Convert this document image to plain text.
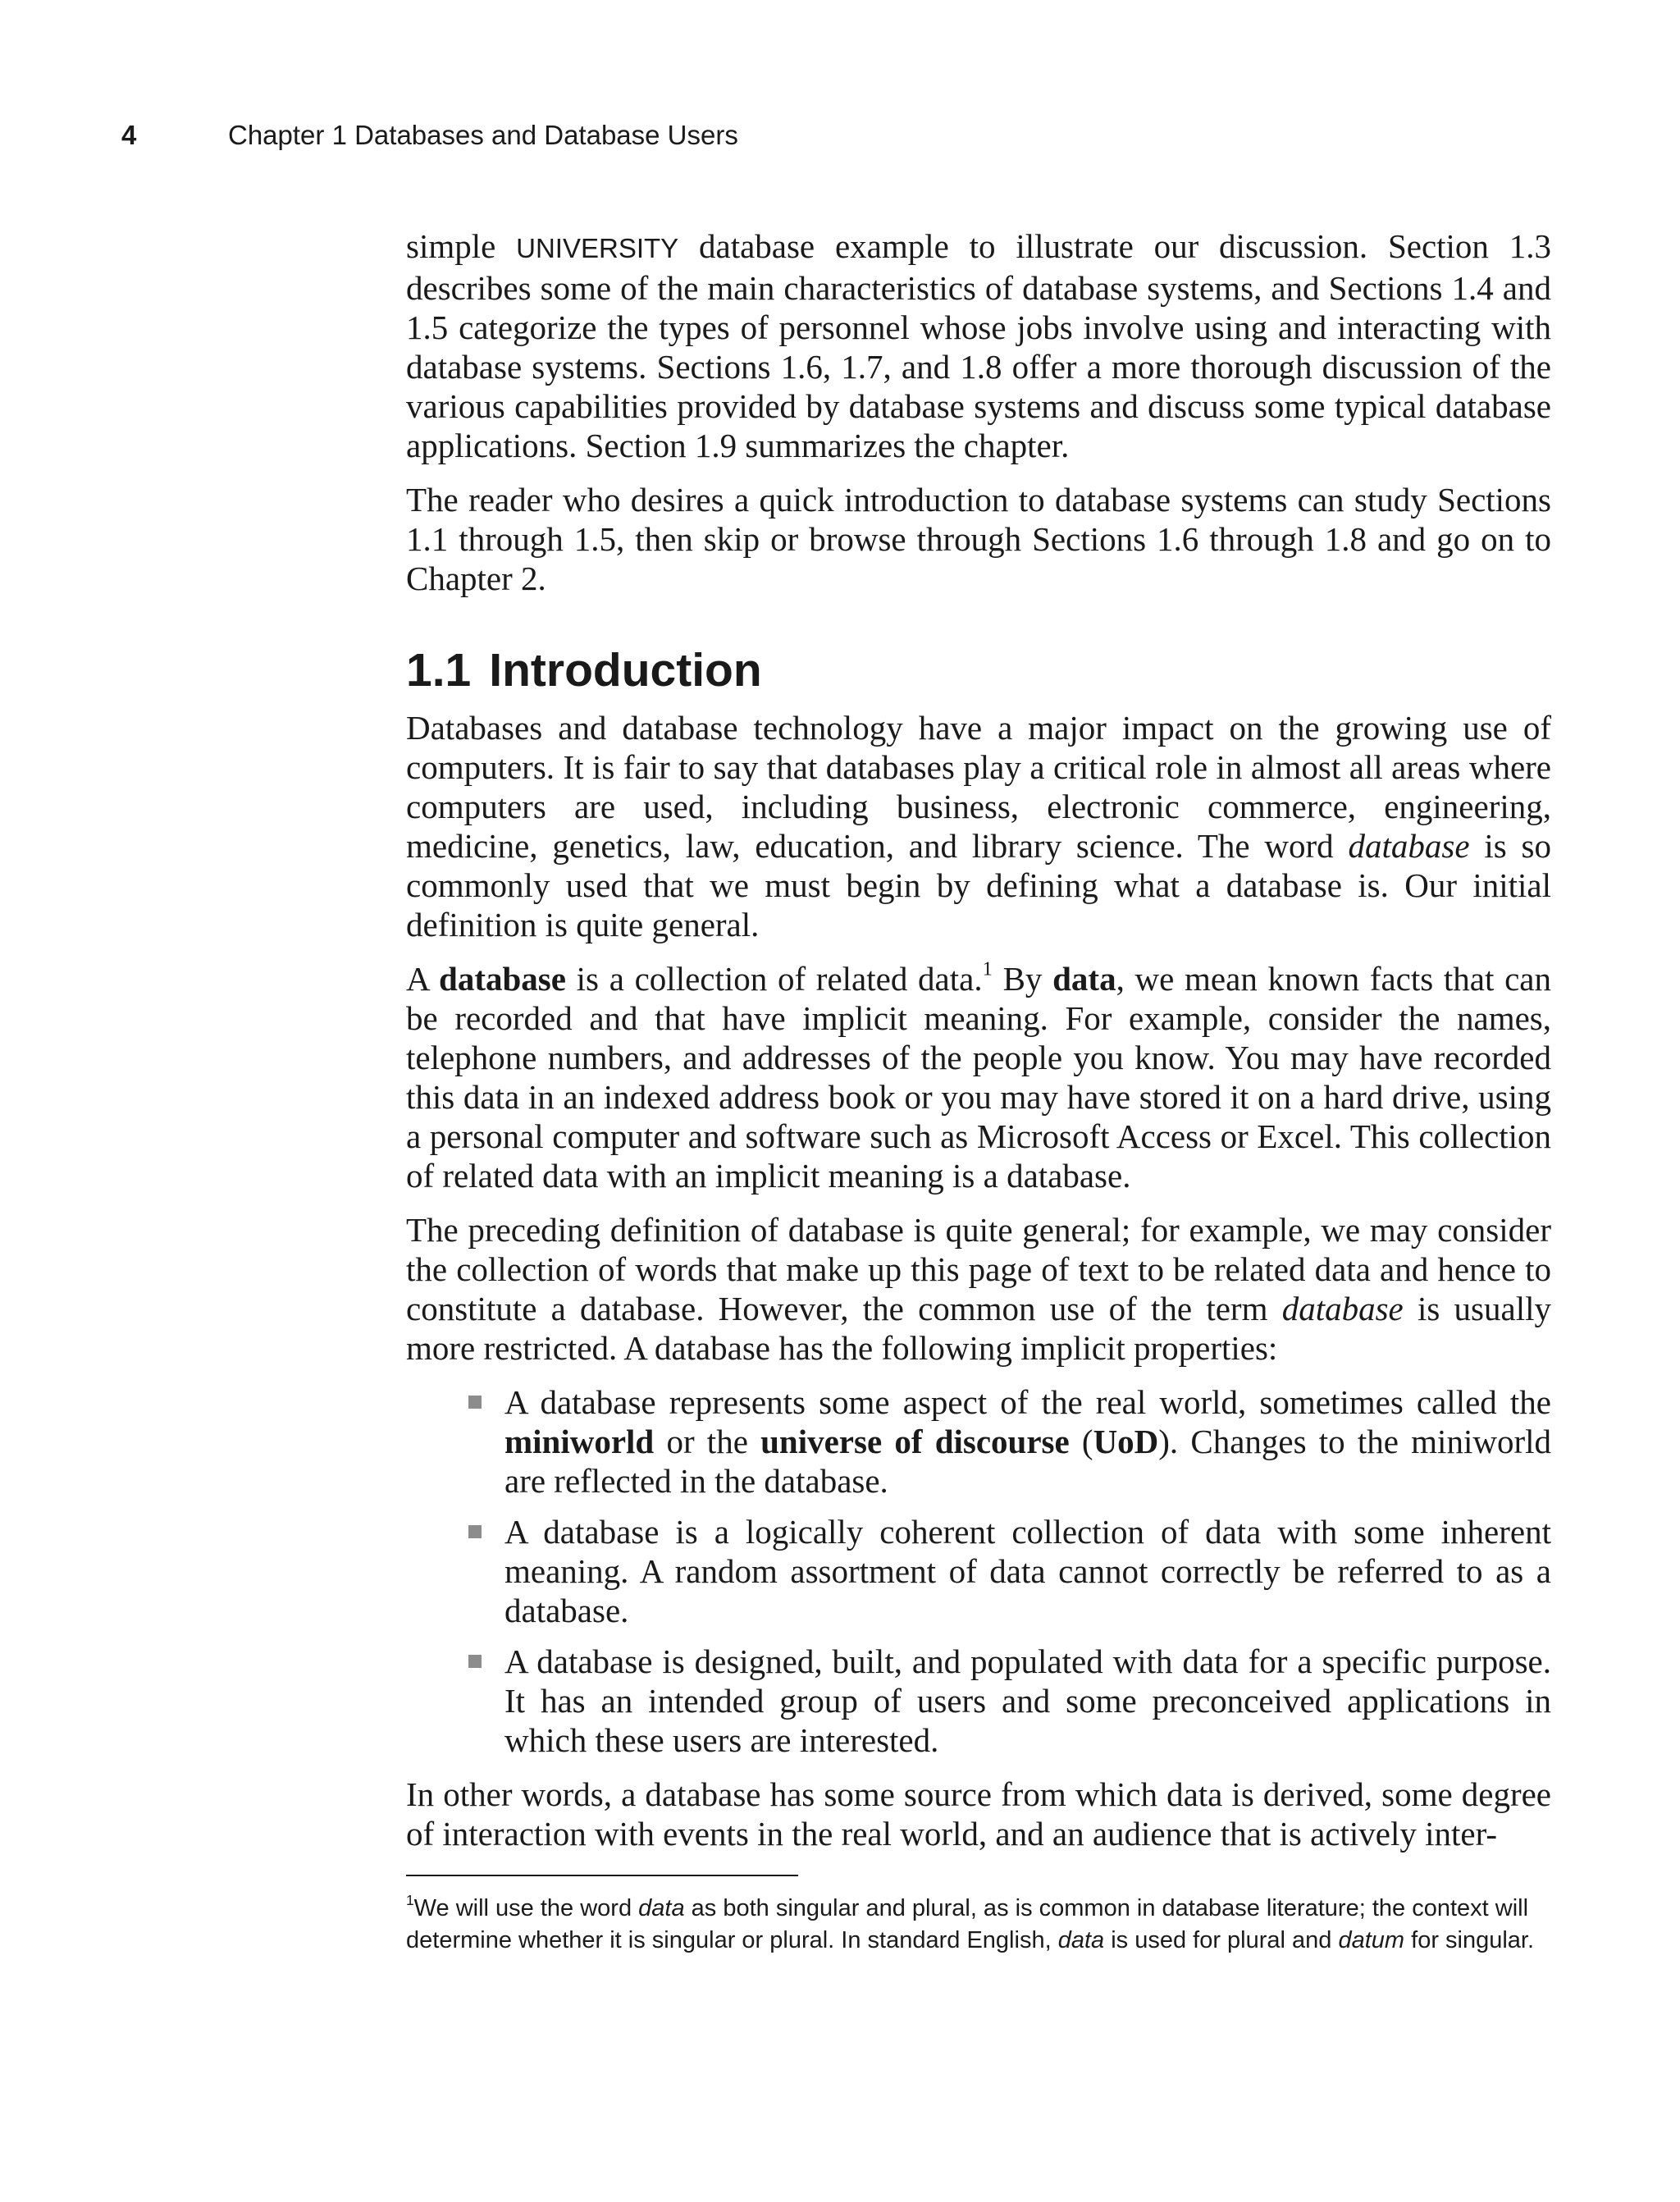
4	Chapter 1 Databases and Database Users

simple UNIVERSITY database example to illustrate our discussion. Section 1.3 describes some of the main characteristics of database systems, and Sections 1.4 and 1.5 categorize the types of personnel whose jobs involve using and interacting with database systems. Sections 1.6, 1.7, and 1.8 offer a more thorough discussion of the various capabilities provided by database systems and discuss some typical database applications. Section 1.9 summarizes the chapter.

The reader who desires a quick introduction to database systems can study Sections 1.1 through 1.5, then skip or browse through Sections 1.6 through 1.8 and go on to Chapter 2.

1.1 Introduction

Databases and database technology have a major impact on the growing use of computers. It is fair to say that databases play a critical role in almost all areas where computers are used, including business, electronic commerce, engineering, medicine, genetics, law, education, and library science. The word database is so commonly used that we must begin by defining what a database is. Our initial definition is quite general.

A database is a collection of related data.$^1$ By data, we mean known facts that can be recorded and that have implicit meaning. For example, consider the names, telephone numbers, and addresses of the people you know. You may have recorded this data in an indexed address book or you may have stored it on a hard drive, using a personal computer and software such as Microsoft Access or Excel. This collection of related data with an implicit meaning is a database.

The preceding definition of database is quite general; for example, we may consider the collection of words that make up this page of text to be related data and hence to constitute a database. However, the common use of the term database is usually more restricted. A database has the following implicit properties:

A database represents some aspect of the real world, sometimes called the miniworld or the universe of discourse (UoD). Changes to the miniworld are reflected in the database.
A database is a logically coherent collection of data with some inherent meaning. A random assortment of data cannot correctly be referred to as a database.
A database is designed, built, and populated with data for a specific purpose. It has an intended group of users and some preconceived applications in which these users are interested.

In other words, a database has some source from which data is derived, some degree of interaction with events in the real world, and an audience that is actively inter-

$^1$We will use the word data as both singular and plural, as is common in database literature; the context will determine whether it is singular or plural. In standard English, data is used for plural and datum for singular.
